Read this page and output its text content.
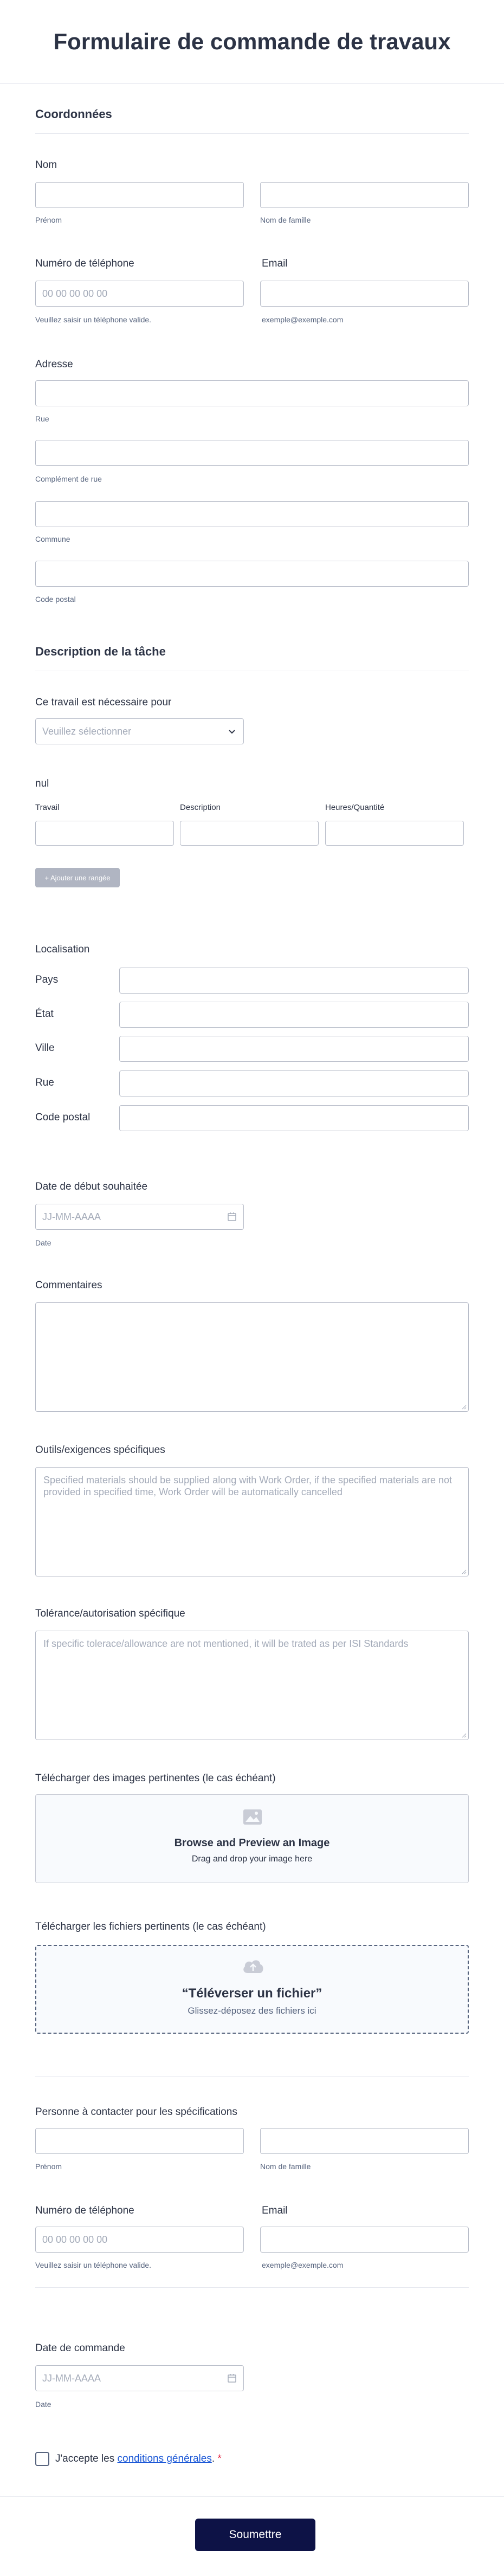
Formulaire de commande de travaux
Coordonnées
Nom
Prénom	Nom de famille
Numéro de téléphone
00 00 00 00 00
Veuillez saisir un téléphone valide.
Email
exemple@exemple.com
Adresse
Rue
Complément de rue
Commune
Code postal
Description de la tâche
Ce travail est nécessaire pour
Veuillez sélectionner
nul
Travail	Description	Heures/Quantité
+ Ajouter une rangée
Localisation
Pays
État
Ville
Rue
Code postal
Date de début souhaitée
JJ-MM-AAAA
Date
Commentaires
Outils/exigences spécifiques
Specified materials should be supplied along with Work Order, if the specified materials are not provided in specified time, Work Order will be automatically cancelled
Tolérance/autorisation spécifique
If specific tolerace/allowance are not mentioned, it will be trated as per ISI Standards
Télécharger des images pertinentes (le cas échéant)
Browse and Preview an Image
Drag and drop your image here
Télécharger les fichiers pertinents (le cas échéant)
“Téléverser un fichier”
Glissez-déposez des fichiers ici
Personne à contacter pour les spécifications
Prénom	Nom de famille
Numéro de téléphone
00 00 00 00 00
Veuillez saisir un téléphone valide.
Email
exemple@exemple.com
Date de commande
JJ-MM-AAAA
Date
J'accepte les conditions générales. *
Soumettre
